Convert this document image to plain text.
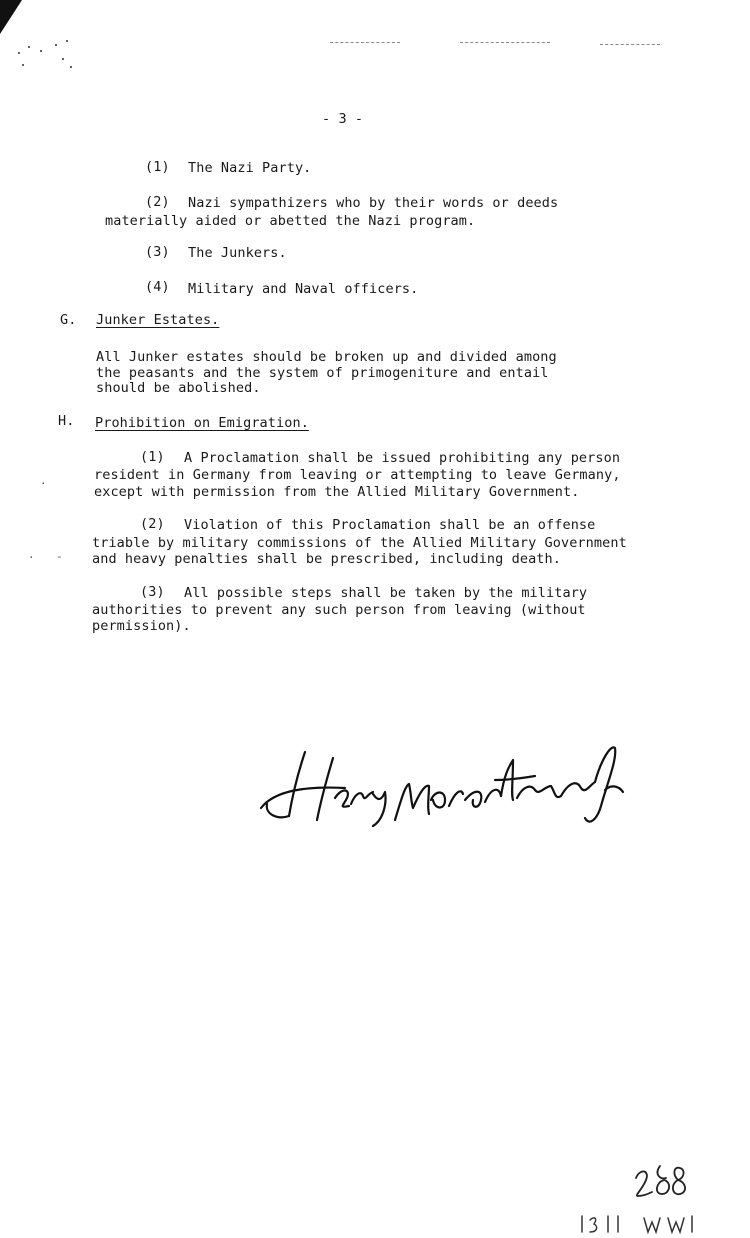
.
. -
- 3 -
(1) The Nazi Party.
(2) Nazi sympathizers who by their words or deeds
materially aided or abetted the Nazi program.
(3) The Junkers.
(4) Military and Naval officers.
G. Junker Estates.
All Junker estates should be broken up and divided among
the peasants and the system of primogeniture and entail
should be abolished.
H. Prohibition on Emigration.
(1) A Proclamation shall be issued prohibiting any person
resident in Germany from leaving or attempting to leave Germany,
except with permission from the Allied Military Government.
(2) Violation of this Proclamation shall be an offense
triable by military commissions of the Allied Military Government
and heavy penalties shall be prescribed, including death.
(3) All possible steps shall be taken by the military
authorities to prevent any such person from leaving (without
permission).
